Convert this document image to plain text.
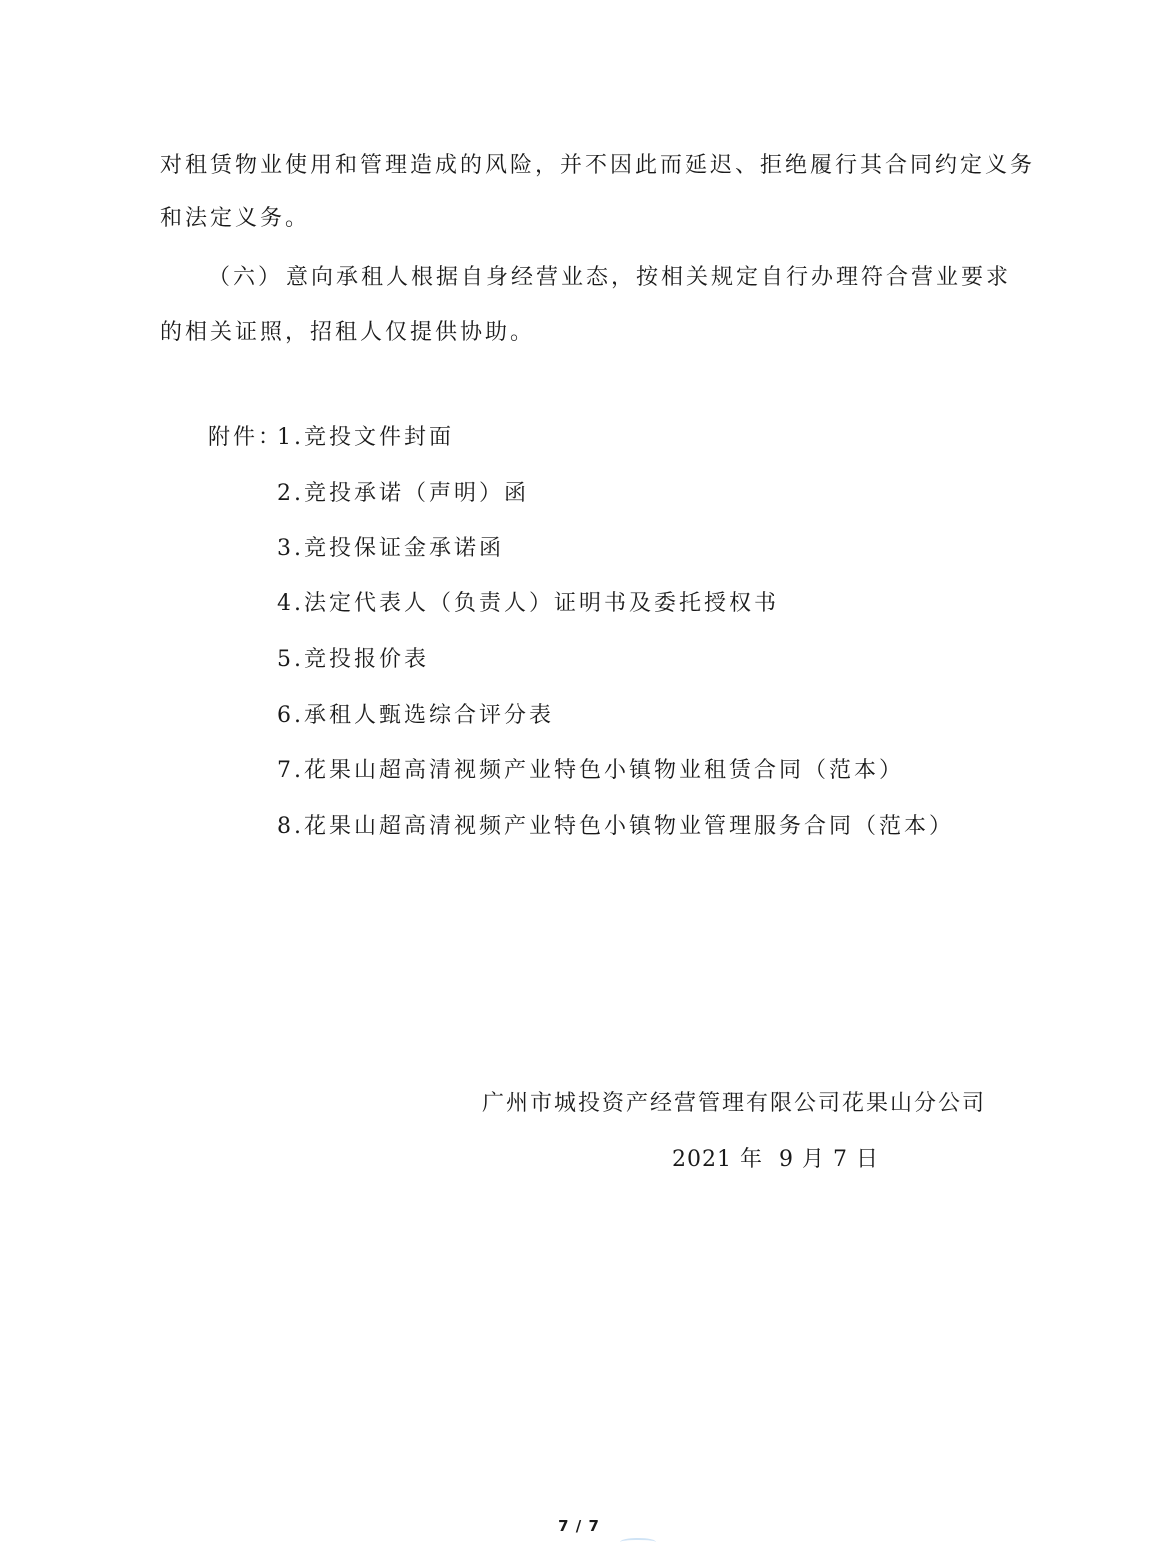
对租赁物业使用和管理造成的风险，并不因此而延迟、拒绝履行其合同约定义务
和法定义务。
（六） 意向承租人根据自身经营业态，按相关规定自行办理符合营业要求
的相关证照，招租人仅提供协助。
附件：
1.竞投文件封面
2.竞投承诺（声明）函
3.竞投保证金承诺函
4.法定代表人（负责人）证明书及委托授权书
5.竞投报价表
6.承租人甄选综合评分表
7.花果山超高清视频产业特色小镇物业租赁合同（范本）
8.花果山超高清视频产业特色小镇物业管理服务合同（范本）
广州市城投资产经营管理有限公司花果山分公司
2021 年  9 月 7 日
7 / 7
